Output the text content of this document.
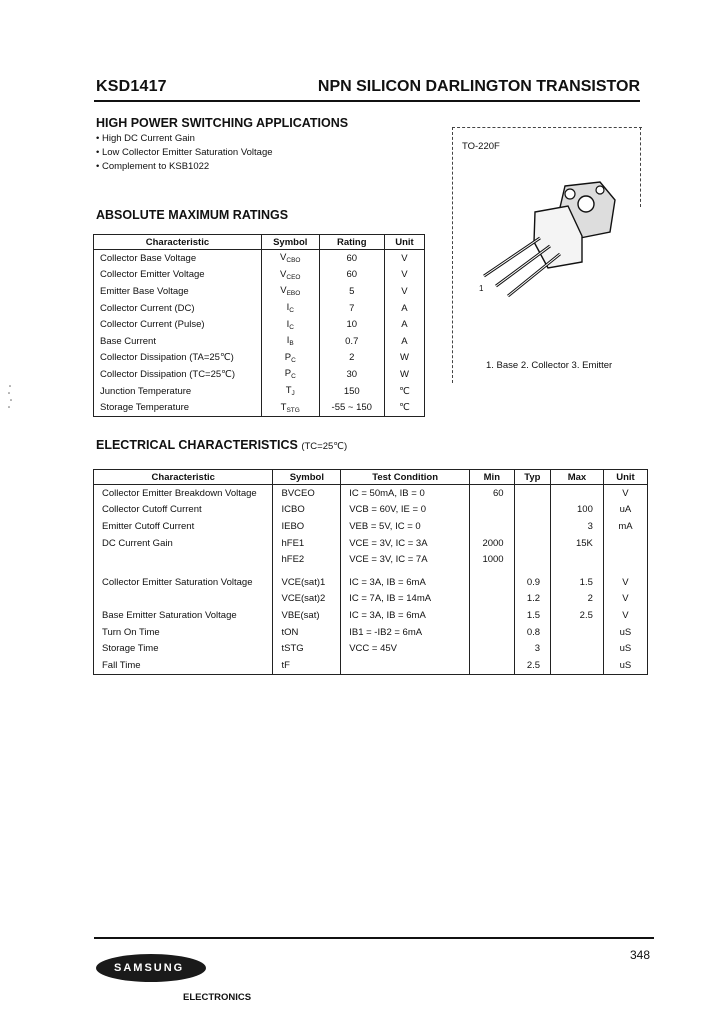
KSD1417	NPN SILICON DARLINGTON TRANSISTOR
HIGH POWER SWITCHING APPLICATIONS
• High DC Current Gain
• Low Collector Emitter Saturation Voltage
• Complement to KSB1022
TO-220F
1
1. Base 2. Collector 3. Emitter
ABSOLUTE MAXIMUM RATINGS
Characteristic	Symbol	Rating	Unit
Collector Base Voltage	$V_{CBO}$	60	V
Collector Emitter Voltage	$V_{CEO}$	60	V
Emitter Base Voltage	$V_{EBO}$	5	V
Collector Current (DC)	$I_C$	7	A
Collector Current (Pulse)	$I_C$	10	A
Base Current	$I_B$	0.7	A
Collector Dissipation (TA=25℃)	$P_C$	2	W
Collector Dissipation (TC=25℃)	$P_C$	30	W
Junction Temperature	$T_J$	150	℃
Storage Temperature	$T_{STG}$	-55 ~ 150	℃
ELECTRICAL CHARACTERISTICS (TC=25℃)
Characteristic	Symbol	Test Condition	Min	Typ	Max	Unit
Collector Emitter Breakdown Voltage	BVCEO	IC = 50mA, IB = 0	60			V
Collector Cutoff Current	ICBO	VCB = 60V, IE = 0			100	uA
Emitter Cutoff Current	IEBO	VEB = 5V, IC = 0			3	mA
DC Current Gain	hFE1	VCE = 3V, IC = 3A	2000		15K	
	hFE2	VCE = 3V, IC = 7A	1000			

Collector Emitter Saturation Voltage	VCE(sat)1	IC = 3A, IB = 6mA		0.9	1.5	V
	VCE(sat)2	IC = 7A, IB = 14mA		1.2	2	V
Base Emitter Saturation Voltage	VBE(sat)	IC = 3A, IB = 6mA		1.5	2.5	V
Turn On Time	tON	IB1 = -IB2 = 6mA		0.8		uS
Storage Time	tSTG	VCC = 45V		3		uS
Fall Time	tF			2.5		uS
348
SAMSUNG
ELECTRONICS
